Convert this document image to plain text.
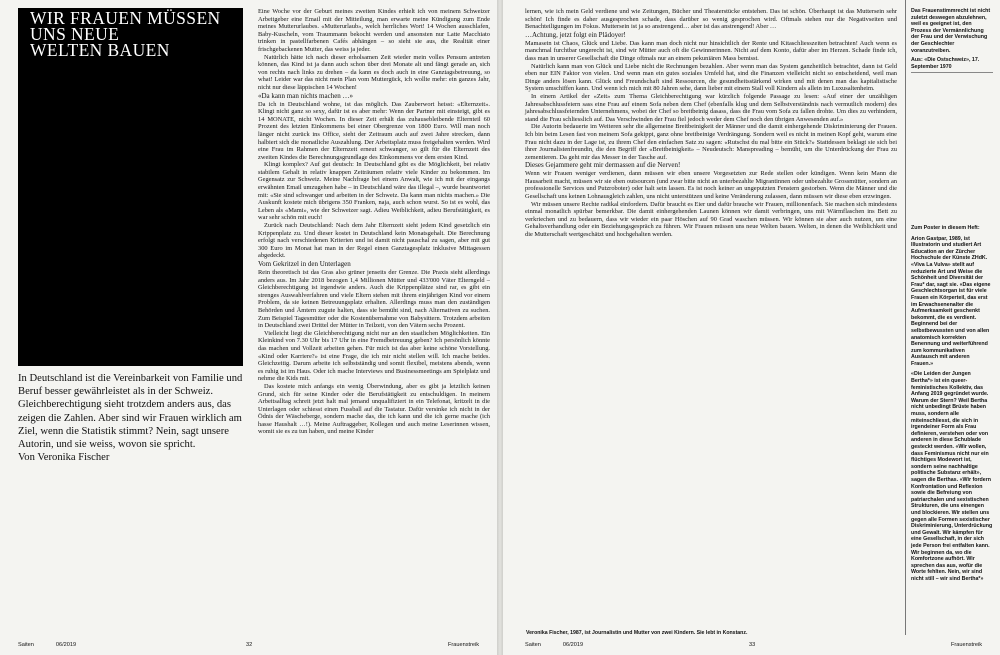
WIR FRAUEN MÜSSEN
UNS NEUE
WELTEN BAUEN

In Deutschland ist die Vereinbarkeit von Familie und Beruf besser gewährleistet als in der Schweiz. Gleichberechtigung sieht trotzdem anders aus, das zeigen die Zahlen. Aber sind wir Frauen wirklich am Ziel, wenn die Statistik stimmt? Nein, sagt unsere Autorin, und sie weiss, wovon sie spricht.

Von Veronika Fischer

Eine Woche vor der Geburt meines zweiten Kindes erhielt ich von meinem Schweizer Arbeitgeber eine Email mit der Mitteilung, man erwarte meine Kündigung zum Ende meines Mutterurlaubes. «Mutterurlaub», welch herrliches Wort! 14 Wochen ausschlafen, Baby-Kuscheln, vom Traummann bekocht werden und ansonsten nur Latte Macchiato trinken in pastellfarbenen Cafés abhängen – so sieht sie aus, die Realität einer frischgebackenen Mutter, das weiss ja jeder.

Natürlich hätte ich nach dieser erholsamen Zeit wieder mein volles Pensum antreten können, das Kind ist ja dann auch schon über drei Monate alt und fängt gerade an, sich von rechts nach links zu drehen – da kann es doch auch in eine Ganztagsbetreuung, so what! Leider war das nicht mein Plan vom Muttergück, ich wollte mehr: ein ganzes Jahr, nicht nur diese läppischen 14 Wochen!

«Da kann man nichts machen …»

Da ich in Deutschland wohne, ist das möglich. Das Zauberwort heisst: «Elternzeit». Klingt nicht ganz so sexy, dafür ist es aber mehr: Wenn der Partner mit einsteigt, gibt es 14 MONATE, nicht Wochen. In dieser Zeit erhält das zuhausebleibende Elternteil 60 Prozent des letzten Einkommens bei einer Obergrenze von 1800 Euro. Will man noch länger nicht zurück ins Office, sieht der Zeitraum auch auf zwei Jahre strecken, dann halbiert sich die monatliche Auszahlung. Der Arbeitsplatz muss freigehalten werden. Wird eine Frau im Rahmen der Elternzeit erneut schwanger, so gilt für die Elternzeit des zweiten Kindes die Berechnungsgrundlage des Einkommens vor dem ersten Kind.

Klingt komplex? Auf gut deutsch: In Deutschland gibt es die Möglichkeit, bei relativ stabilem Gehalt in relativ knappen Zeiträumen relativ viele Kinder zu bekommen. Im Gegensatz zur Schweiz. Meine Nachfrage bei einem Anwalt, wie ich mit der eingangs erwähnten Email umzugehen habe – in Deutschland wäre das illegal –, wurde beantwortet mit: «Sie sind schwanger und arbeiten in der Schweiz. Da kann man nichts machen.» Die Auskunft kostete mich übrigens 350 Franken, naja, auch schon wurst. So ist es wohl, das Leben als «Mami», wie der Schweizer sagt. Adieu Weiblichkeit, adieu Berufstätigkeit, es war sehr schön mit euch!

Zurück nach Deutschland: Nach dem Jahr Elternzeit sieht jedem Kind gesetzlich ein Krippenplatz zu. Und dieser kostet in Deutschland kein Monatsgehalt. Die Berechnung erfolgt nach verschiedenen Kriterien und ist damit nicht pauschal zu sagen, aber mit gut 300 Euro im Monat hat man in der Regel einen Ganztagesplatz inklusive Mittagessen abgedeckt.

Vom Gekritzel in den Unterlagen

Rein theoretisch ist das Gras also grüner jenseits der Grenze. Die Praxis sieht allerdings anders aus. Im Jahr 2018 bezogen 1,4 Millionen Mütter und 433'000 Väter Elterngeld – Gleichberechtigung ist irgendwie anders. Auch die Krippenplätze sind rar, es gibt ein strenges Auswahlverfahren und viele Eltern stehen mit ihrem einjährigen Kind vor einem Problem, da sie keinen Betreuungsplatz erhalten. Allerdings muss man den zuständigen Behörden und Ämtern zugute halten, dass sie bemüht sind, nach Alternativen zu suchen. Zum Beispiel Tagesmütter oder die Kostenübernahme von Babysittern. Trotzdem arbeiten in Deutschland zwei Drittel der Mütter in Teilzeit, von den Vätern sechs Prozent.

Vielleicht liegt die Gleichberechtigung nicht nur an den staatlichen Möglichkeiten. Ein Kleinkind von 7.30 Uhr bis 17 Uhr in eine Fremdbetreuung geben? Ich persönlich könnte das machen und Vollzeit arbeiten gehen. Für mich ist das aber keine schöne Vorstellung. «Kind oder Karriere?» ist eine Frage, die ich mir nicht stellen will. Ich mache beides. Gleichzeitig. Darum arbeite ich selbstständig und somit flexibel, meistens abends, wenn es ruhig ist im Haus. Oder ich mache Interviews und Businessmeetings am Spielplatz und nehme die Kids mit.

Das kostete mich anfangs ein wenig Überwindung, aber es gibt ja letztlich keinen Grund, sich für seine Kinder oder die Berufstätigkeit zu entschuldigen. In meinem Arbeitsalltag schreit jetzt halt mal jemand unqualifiziert in ein Telefonat, kritzelt in die Unterlagen oder schiesst einen Fussball auf die Tastatur. Dafür versinke ich nicht in der Ödnis der Wäscheberge, sondern mache das, die ich kann und die ich gerne mache (ich hasse Haushalt …!). Meine Auftraggeber, Kollegen und auch meine Leserinnen wissen, womit sie es zu tun haben, und meine Kinder

Saiten	06/2019	32	Frauenstreik

lernen, wie ich mein Geld verdiene und wie Zeitungen, Bücher und Theaterstücke entstehen. Das ist schön. Überhaupt ist das Muttersein sehr schön! Ich finde es daher ausgesprochen schade, dass darüber so wenig gesprochen wird. Oftmals stehen nur die Negativseiten und Benachteiligungen im Fokus. Muttersein ist ja so anstrengend… aber ist das anstrengend! Aber …

…Achtung, jetzt folgt ein Plädoyer!

Mamasein ist Chaos, Glück und Liebe. Das kann man doch nicht nur hinsichtlich der Rente und Kitaschliesszeiten betrachten! Auch wenn es manchmal furchtbar ungerecht ist, sind wir Mütter auch oft die Gewinnerinnen. Nicht auf dem Konto, dafür aber im Herzen. Schade finde ich, dass man in unserer Gesellschaft die Dinge oftmals nur an einem pekuniären Mass bemisst.

Natürlich kann man von Glück und Liebe nicht die Rechnungen bezahlen. Aber wenn man das System ganzheitlich betrachtet, dann ist Geld eben nur EIN Faktor von vielen. Und wenn man ein gutes soziales Umfeld hat, sind die Finanzen vielleicht nicht so entscheidend, weil man Dinge anders lösen kann. Glück und Freundschaft sind Ressourcen, die gesundheitsstärkend wirken und mit denen man das kapitalistische System umschiffen kann. Und wenn ich mich mit 80 Jahren sehe, dann lieber mit einem Stall voll Kindern als allein im Luxusaltenheim.

In einem Artikel der «Zeit» zum Thema Gleichberechtigung war kürzlich folgende Passage zu lesen: «Auf einer der unzähligen Jahresabschlussfeiern sass eine Frau auf einem Sofa neben dem Chef (ebenfalls klug und dem Selbstverständnis nach vermutlich modern) des jahresabschlussfeiernden Unternehmens, wobei der Chef so breitbeinig dasass, dass die Frau vom Sofa zu fallen drohte. Um dies zu verhindern, stand die Frau schliesslich auf. Das Verschwinden der Frau fiel jedoch weder dem Chef noch den übrigen Anwesenden auf.»

Die Autorin bedauerte im Weiteren sehr die allgemeine Breitbeinigkeit der Männer und die damit einhergehende Diskriminierung der Frauen. Ich bin beim Lesen fast von meinem Sofa gekippt, ganz ohne breitbeinige Verdrängung. Sondern weil es nicht in meinen Kopf geht, warum eine Frau nicht dazu in der Lage ist, zu ihrem Chef den einfachen Satz zu sagen: «Rutschst du mal bitte ein Stück?» Stattdessen beklagt sie sich bei ihrer Journalistenfreundin, die den Begriff der «Breitbeinigkeit» – Neudeutsch: Manspreading – bemüht, um die Unterdrückung der Frau zu zementieren. Da geht mir das Messer in der Tasche auf.

Dieses Gejammere geht mir dermassen auf die Nerven!

Wenn wir Frauen weniger verdienen, dann müssen wir eben unsere Vorgesetzten zur Rede stellen oder kündigen. Wenn kein Mann die Hausarbeit macht, müssen wir sie eben outsourcen (und zwar bitte nicht an unterbezahlte Migrantinnen oder unbezahlte Grossmütter, sondern an professionelle Services und Putzroboter) oder halt sein lassen. Es ist noch keiner an ungeputzten Fenstern gestorben. Wenn die Männer und die Gesellschaft uns keinen Lohnausgleich zahlen, uns nicht unterstützen und keine Veränderung zulassen, dann müssen wir diese eben erzwingen.

Wir müssen unsere Rechte radikal einfordern. Dafür braucht es Eier und dafür brauche wir Frauen, millionenfach. Sie machen sich mindestens einmal monatlich spürbar bemerkbar. Die damit einhergehenden Launen können wir damit verbringen, uns mit Wärmflaschen ins Bett zu verkriechen und zu bedauern, dass wir wieder ein paar Höschen auf 90 Grad waschen müssen. Wir können sie aber auch nutzen, um eine Gehaltsverhandlung oder ein Beziehungsgespräch zu führen. Wir Frauen müssen uns neue Welten bauen. Welten, in denen die Weiblichkeit und die Mutterschaft wertgeschätzt und hochgehalten werden.

Veronika Fischer, 1987, ist Journalistin und Mutter von zwei Kindern. Sie lebt in Konstanz.
Das Frauenstimmrecht ist nicht zuletzt deswegen abzulehnen, weil es geeignet ist, den Prozess der Vermännlichung der Frau und der Verwischung der Geschlechter voranzutreiben.
Aus: «Die Ostschweiz», 17. September 1970
Zum Poster in diesem Heft:
Arion Gastpar, 1989, ist Illustratorin und studiert Art Education an der Zürcher Hochschule der Künste ZHdK. «Viva La Vulva» stellt auf reduzierte Art und Weise die Schönheit und Diversität der Frau* dar, sagt sie. «Das eigene Geschlechtsorgan ist für viele Frauen ein Körperteil, das erst im Erwachsenenalter die Aufmerksamkeit geschenkt bekommt, die es verdient. Beginnend bei der selbstbewussten und von allen anatomisch korrekten Benennung und weiterführend zum kommunikativen Austausch mit anderen Frauen.»
«Die Leiden der Jungen Bertha*» ist ein queer-feministisches Kollektiv, das Anfang 2019 gegründet wurde. Warum der Stern? Weil Bertha nicht unbedingt Brüste haben muss, sondern alle miteinschliesst, die sich in irgendeiner Form als Frau definieren, verstehen oder von anderen in diese Schublade gesteckt werden. «Wir wollen, dass Feminismus nicht nur ein flüchtiges Modewort ist, sondern seine nachhaltige politische Substanz erhält», sagen die Berthas. «Wir fordern Konfrontation und Reflexion sowie die Befreiung von patriarchalen und sexistischen Strukturen, die uns einengen und blockieren. Wir stellen uns gegen alle Formen sexistischer Diskriminierung, Unterdrückung und Gewalt. Wir kämpfen für eine Gesellschaft, in der sich jede Person frei entfalten kann. Wir beginnen da, wo die Komfortzone aufhört. Wir sprechen das aus, wofür die Worte fehlten. Nein, wir sind nicht still – wir sind Bertha*»
Saiten	06/2019	33	Frauenstreik
